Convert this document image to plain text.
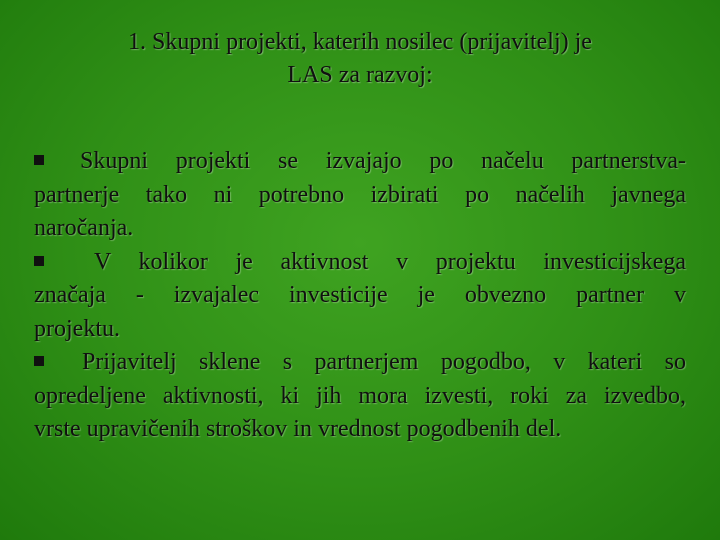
1. Skupni projekti, katerih nosilec (prijavitelj) je
LAS za razvoj:
Skupni projekti se izvajajo po načelu partnerstva-
partnerje tako ni potrebno izbirati po načelih javnega
naročanja.
V kolikor je aktivnost v projektu investicijskega
značaja - izvajalec investicije je obvezno partner v
projektu.
Prijavitelj sklene s partnerjem pogodbo, v kateri so
opredeljene aktivnosti, ki jih mora izvesti, roki za izvedbo,
vrste upravičenih stroškov in vrednost pogodbenih del.
